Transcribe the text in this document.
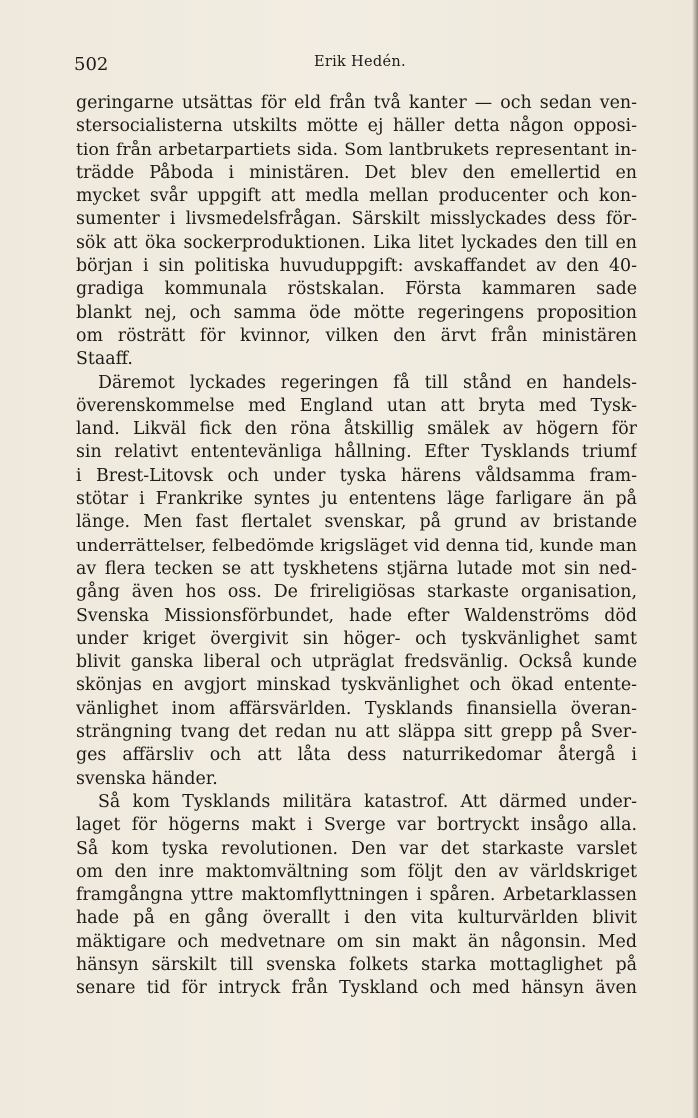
502	Erik Hedén.
geringarne utsättas för eld från två kanter — och sedan ven-
stersocialisterna utskilts mötte ej häller detta någon opposi-
tion från arbetarpartiets sida. Som lantbrukets representant in-
trädde Påboda i ministären. Det blev den emellertid en
mycket svår uppgift att medla mellan producenter och kon-
sumenter i livsmedelsfrågan. Särskilt misslyckades dess för-
sök att öka sockerproduktionen. Lika litet lyckades den till en
början i sin politiska huvuduppgift: avskaffandet av den 40-
gradiga kommunala röstskalan. Första kammaren sade
blankt nej, och samma öde mötte regeringens proposition
om rösträtt för kvinnor, vilken den ärvt från ministären
Staaff.
Däremot lyckades regeringen få till stånd en handels-
överenskommelse med England utan att bryta med Tysk-
land. Likväl fick den röna åtskillig smälek av högern för
sin relativt ententevänliga hållning. Efter Tysklands triumf
i Brest-Litovsk och under tyska härens våldsamma fram-
stötar i Frankrike syntes ju ententens läge farligare än på
länge. Men fast flertalet svenskar, på grund av bristande
underrättelser, felbedömde krigsläget vid denna tid, kunde man
av flera tecken se att tyskhetens stjärna lutade mot sin ned-
gång även hos oss. De frireligiösas starkaste organisation,
Svenska Missionsförbundet, hade efter Waldenströms död
under kriget övergivit sin höger- och tyskvänlighet samt
blivit ganska liberal och utpräglat fredsvänlig. Också kunde
skönjas en avgjort minskad tyskvänlighet och ökad entente-
vänlighet inom affärsvärlden. Tysklands finansiella överan-
strängning tvang det redan nu att släppa sitt grepp på Sver-
ges affärsliv och att låta dess naturrikedomar återgå i
svenska händer.
Så kom Tysklands militära katastrof. Att därmed under-
laget för högerns makt i Sverge var bortryckt insågo alla.
Så kom tyska revolutionen. Den var det starkaste varslet
om den inre maktomvältning som följt den av världskriget
framgångna yttre maktomflyttningen i spåren. Arbetarklassen
hade på en gång överallt i den vita kulturvärlden blivit
mäktigare och medvetnare om sin makt än någonsin. Med
hänsyn särskilt till svenska folkets starka mottaglighet på
senare tid för intryck från Tyskland och med hänsyn även
